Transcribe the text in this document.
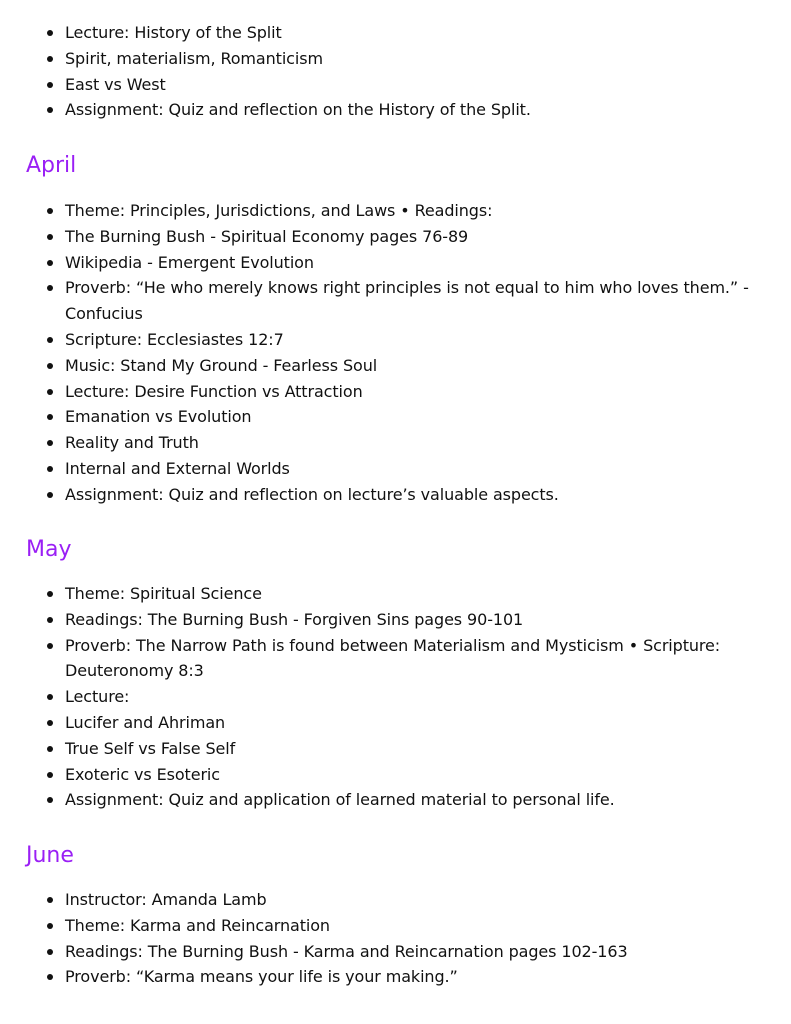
Lecture: History of the Split
Spirit, materialism, Romanticism
East vs West
Assignment: Quiz and reflection on the History of the Split.
April
Theme: Principles, Jurisdictions, and Laws • Readings:
The Burning Bush - Spiritual Economy pages 76-89
Wikipedia - Emergent Evolution
Proverb: “He who merely knows right principles is not equal to him who loves them.” - Confucius
Scripture: Ecclesiastes 12:7
Music: Stand My Ground - Fearless Soul
Lecture: Desire Function vs Attraction
Emanation vs Evolution
Reality and Truth
Internal and External Worlds
Assignment: Quiz and reflection on lecture’s valuable aspects.
May
Theme: Spiritual Science
Readings: The Burning Bush - Forgiven Sins pages 90-101
Proverb: The Narrow Path is found between Materialism and Mysticism • Scripture: Deuteronomy 8:3
Lecture:
Lucifer and Ahriman
True Self vs False Self
Exoteric vs Esoteric
Assignment: Quiz and application of learned material to personal life.
June
Instructor: Amanda Lamb
Theme: Karma and Reincarnation
Readings: The Burning Bush - Karma and Reincarnation pages 102-163
Proverb: “Karma means your life is your making.”
